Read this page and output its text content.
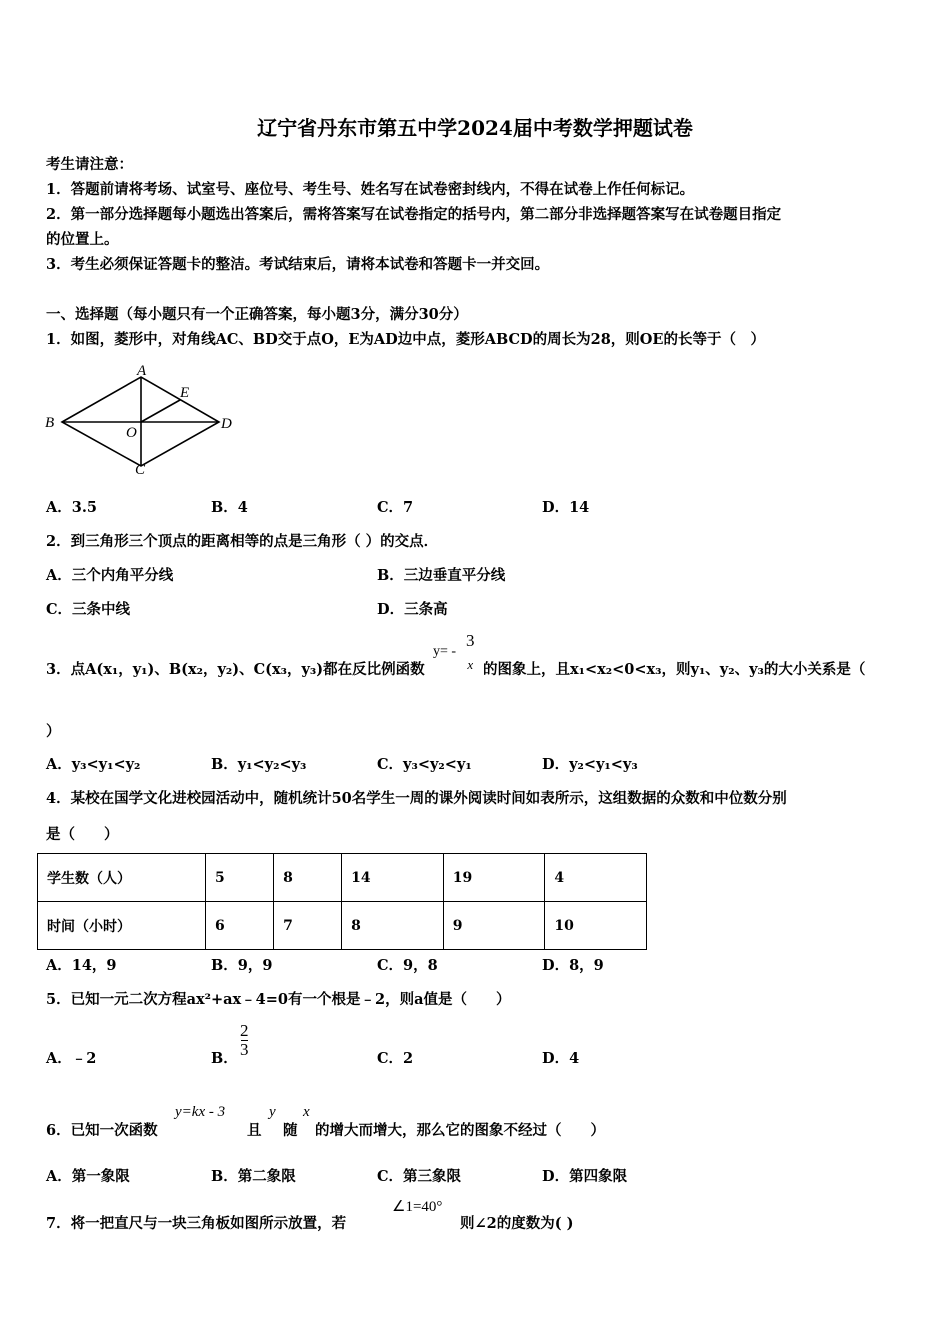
辽宁省丹东市第五中学2024届中考数学押题试卷
考生请注意：
1．答题前请将考场、试室号、座位号、考生号、姓名写在试卷密封线内，不得在试卷上作任何标记。
2．第一部分选择题每小题选出答案后，需将答案写在试卷指定的括号内，第二部分非选择题答案写在试卷题目指定
的位置上。
3．考生必须保证答题卡的整洁。考试结束后，请将本试卷和答题卡一并交回。
一、选择题（每小题只有一个正确答案，每小题3分，满分30分）
1．如图，菱形中，对角线AC、BD交于点O，E为AD边中点，菱形ABCD的周长为28，则OE的长等于（　）
A
B
C
D
E
O
A．3.5	B．4	C．7	D．14
2．到三角形三个顶点的距离相等的点是三角形（ ）的交点．
A．三个内角平分线	B．三边垂直平分线
C．三条中线	D．三条高
3．点A(x₁，y₁)、B(x₂，y₂)、C(x₃，y₃)都在反比例函数
y= -
3
x 的图象上，且x₁<x₂<0<x₃，则y₁、y₂、y₃的大小关系是（
）
A．y₃<y₁<y₂	B．y₁<y₂<y₃	C．y₃<y₂<y₁	D．y₂<y₁<y₃
4．某校在国学文化进校园活动中，随机统计50名学生一周的课外阅读时间如表所示，这组数据的众数和中位数分别
是（　　）
学生数（人）	5	8	14	19	4
时间（小时）	6	7	8	9	10
A．14，9	B．9，9	C．9，8	D．8，9
5．已知一元二次方程ax²+ax﹣4=0有一个根是﹣2，则a值是（　　）
A．﹣2	B．
2
3	C．2	D．4
6．已知一次函数
y=kx - 3
且
y
随
x
的增大而增大，那么它的图象不经过（　　）
A．第一象限	B．第二象限	C．第三象限	D．第四象限
7．将一把直尺与一块三角板如图所示放置，若
∠1=40°
则∠2的度数为( )
